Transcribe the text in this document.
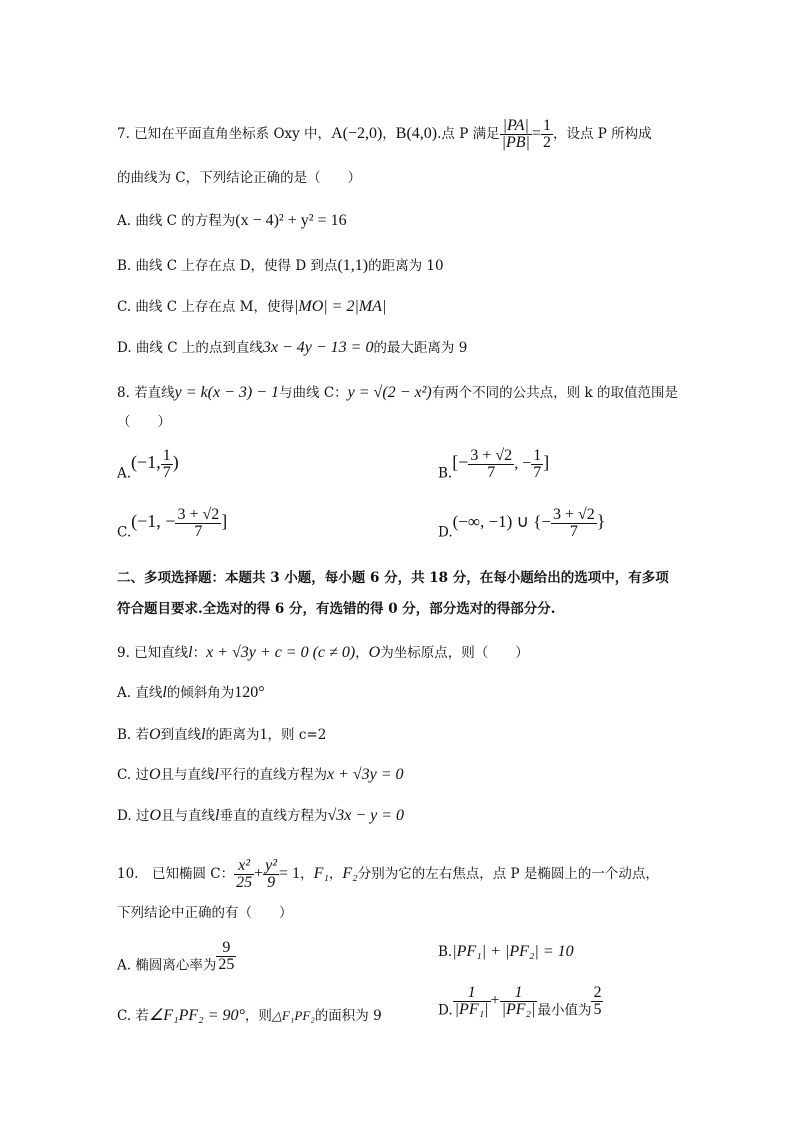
7. 已知在平面直角坐标系 Oxy 中，A(−2,0)，B(4,0).点 P 满足 $\frac{|PA|}{|PB|} = \frac{1}{2}$ ，设点 P 所构成
的曲线为 C，下列结论正确的是（　　）
A. 曲线 C 的方程为(x − 4)² + y² = 16
B. 曲线 C 上存在点 D，使得 D 到点(1,1)的距离为 10
C. 曲线 C 上存在点 M，使得|MO| = 2|MA|
D. 曲线 C 上的点到直线3x − 4y − 13 = 0的最大距离为 9
8. 若直线y = k(x − 3) − 1与曲线 C：y = √(2 − x²)有两个不同的公共点，则 k 的取值范围是
（　　）
A.(−1, $\frac{1}{7}$ )
$B.[- \frac{3 + √2}{7}$ , − $\frac{1}{7}$ ]
C.(−1, − $\frac{3 + √2}{7}$ ]
D.(−∞, −1) ∪ {− $\frac{3 + √2}{7}$ }
二、多项选择题：本题共 3 小题，每小题 6 分，共 18 分，在每小题给出的选项中，有多项
符合题目要求.全选对的得 6 分，有选错的得 0 分，部分选对的得部分分.
9. 已知直线l：x + √3y + c = 0 (c ≠ 0)，O为坐标原点，则（　　）
A. 直线l的倾斜角为120°
B. 若O到直线l的距离为1，则 c=2
C. 过O且与直线l平行的直线方程为x + √3y = 0
D. 过O且与直线l垂直的直线方程为√3x − y = 0
10.　已知椭圆 C： $\frac{\text{x²}}{25} + \frac{\text{y²}}{9} = 1$，F₁，F₂分别为它的左右焦点，点 P 是椭圆上的一个动点，
下列结论中正确的有（　　）
A. 椭圆离心率为 $\frac{9}{25}$	B.|PF₁| + |PF₂| = 10
C. 若∠F₁PF₂ = 90°，则△F₁PF₂的面积为 9	D. $\frac{1}{\text{|PF₁|}} + \frac{1}{\text{|PF₂|}}$ 最小值为 $\frac{2}{5}$
